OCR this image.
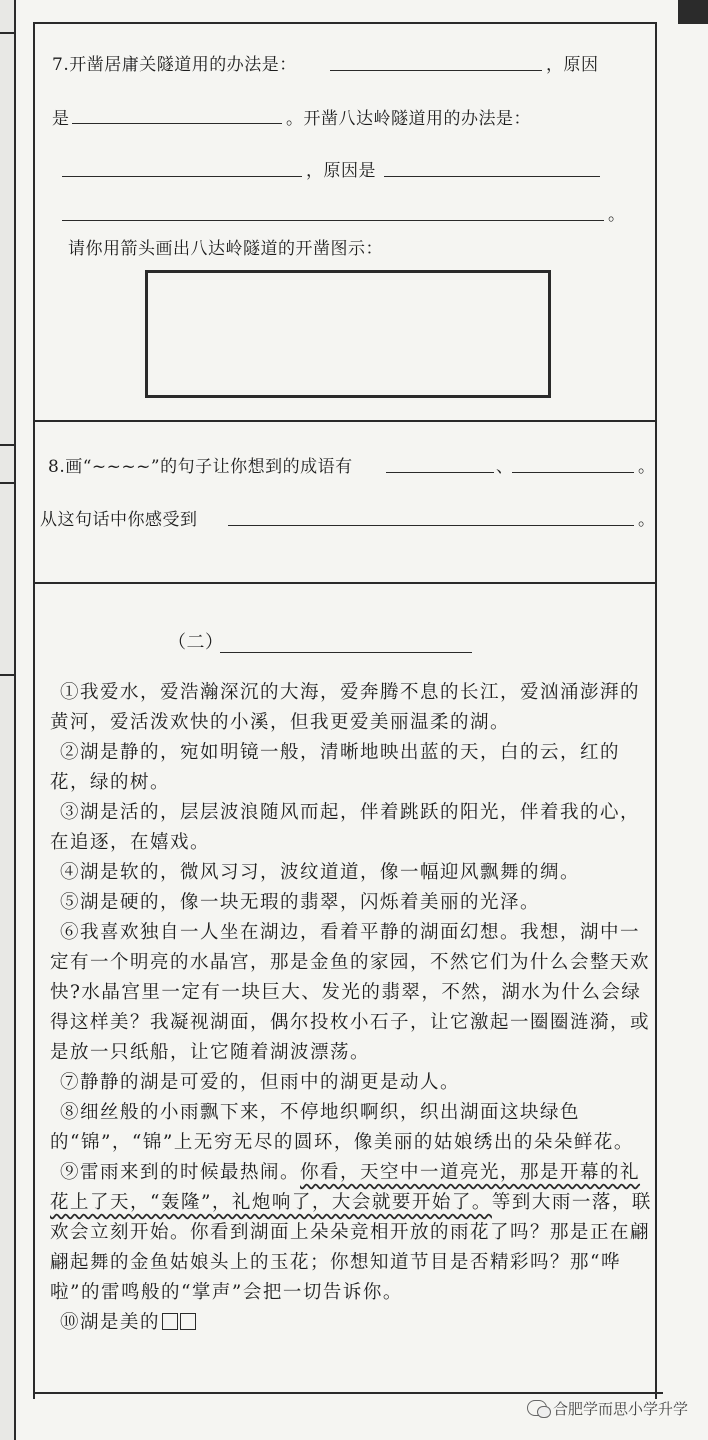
7.开凿居庸关隧道用的办法是：	，原因
是	。开凿八达岭隧道用的办法是：
，原因是
。
请你用箭头画出八达岭隧道的开凿图示：
8.画“~~~~”的句子让你想到的成语有	、	。
从这句话中你感受到	。
（二）
①我爱水，爱浩瀚深沉的大海，爱奔腾不息的长江，爱汹涌澎湃的黄河，爱活泼欢快的小溪，但我更爱美丽温柔的湖。
②湖是静的，宛如明镜一般，清晰地映出蓝的天，白的云，红的花，绿的树。
③湖是活的，层层波浪随风而起，伴着跳跃的阳光，伴着我的心，在追逐，在嬉戏。
④湖是软的，微风习习，波纹道道，像一幅迎风飘舞的绸。
⑤湖是硬的，像一块无瑕的翡翠，闪烁着美丽的光泽。
⑥我喜欢独自一人坐在湖边，看着平静的湖面幻想。我想，湖中一定有一个明亮的水晶宫，那是金鱼的家园，不然它们为什么会整天欢快?水晶宫里一定有一块巨大、发光的翡翠，不然，湖水为什么会绿得这样美？我凝视湖面，偶尔投枚小石子，让它激起一圈圈涟漪，或是放一只纸船，让它随着湖波漂荡。
⑦静静的湖是可爱的，但雨中的湖更是动人。
⑧细丝般的小雨飘下来，不停地织啊织，织出湖面这块绿色的“锦”，“锦”上无穷无尽的圆环，像美丽的姑娘绣出的朵朵鲜花。
⑨雷雨来到的时候最热闹。你看，天空中一道亮光，那是开幕的礼花上了天，“轰隆”，礼炮响了，大会就要开始了。等到大雨一落，联欢会立刻开始。你看到湖面上朵朵竞相开放的雨花了吗？那是正在翩翩起舞的金鱼姑娘头上的玉花；你想知道节目是否精彩吗？那“哗啦”的雷鸣般的“掌声”会把一切告诉你。
⑩湖是美的
合肥学而思小学升学
